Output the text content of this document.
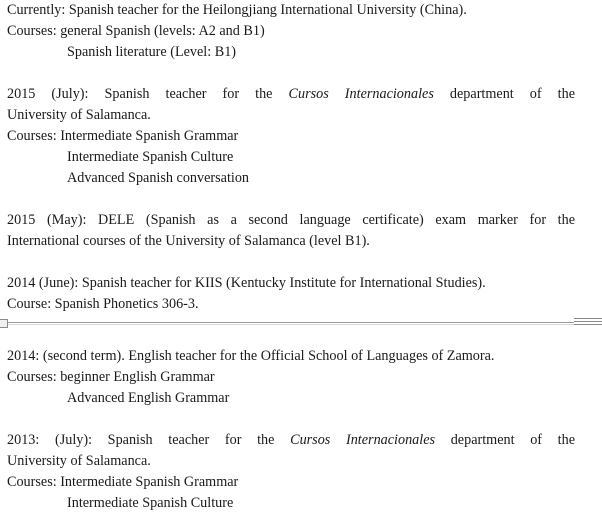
Currently: Spanish teacher for the Heilongjiang International University (China).
Courses: general Spanish (levels: A2 and B1)
Spanish literature (Level: B1)
2015 (July): Spanish teacher for the Cursos Internacionales department of the
University of Salamanca.
Courses: Intermediate Spanish Grammar
Intermediate Spanish Culture
Advanced Spanish conversation
2015 (May): DELE (Spanish as a second language certificate) exam marker for the
International courses of the University of Salamanca (level B1).
2014 (June): Spanish teacher for KIIS (Kentucky Institute for International Studies).
Course: Spanish Phonetics 306-3.
2014: (second term). English teacher for the Official School of Languages of Zamora.
Courses: beginner English Grammar
Advanced English Grammar
2013: (July): Spanish teacher for the Cursos Internacionales department of the
University of Salamanca.
Courses: Intermediate Spanish Grammar
Intermediate Spanish Culture
